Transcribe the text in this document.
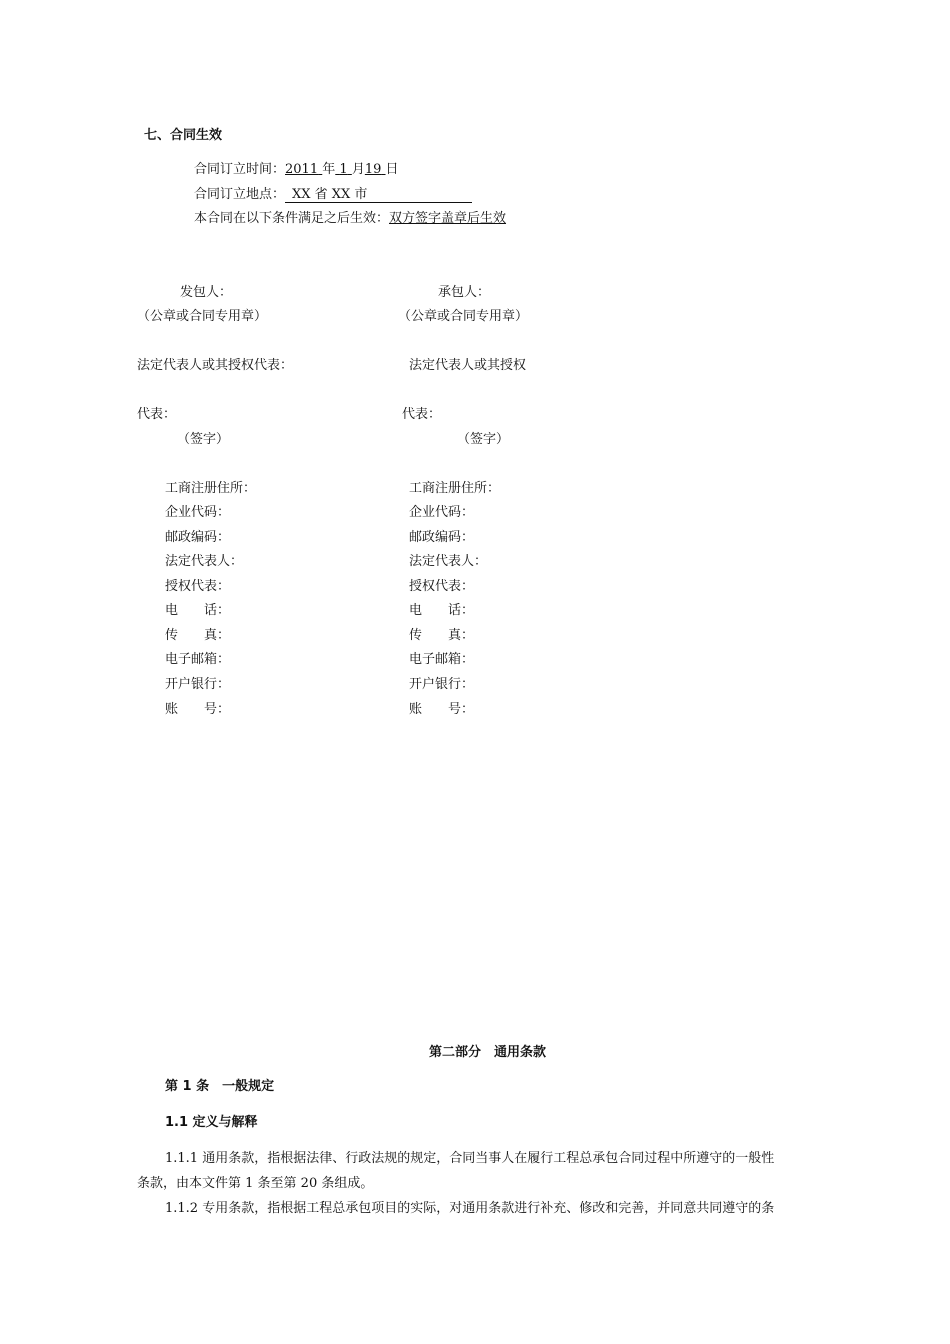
七、合同生效
合同订立时间：2011 年 1 月19 日
合同订立地点： XX 省 XX 市
本合同在以下条件满足之后生效：双方签字盖章后生效
发包人：
（公章或合同专用章）
法定代表人或其授权代表：
（签字）
工商注册住所：
企业代码：
邮政编码：
法定代表人：
授权代表：
电　　话：
传　　真：
电子邮箱：
开户银行：
账　　号：
承包人：
（公章或合同专用章）
法定代表人或其授权
代表：	代表：
（签字）
工商注册住所：
企业代码：
邮政编码：
法定代表人：
授权代表：
电　　话：
传　　真：
电子邮箱：
开户银行：
账　　号：
第二部分　通用条款
第 1 条　一般规定
1.1 定义与解释
1.1.1 通用条款，指根据法律、行政法规的规定，合同当事人在履行工程总承包合同过程中所遵守的一般性
条款，由本文件第 1 条至第 20 条组成。
1.1.2 专用条款，指根据工程总承包项目的实际，对通用条款进行补充、修改和完善，并同意共同遵守的条
